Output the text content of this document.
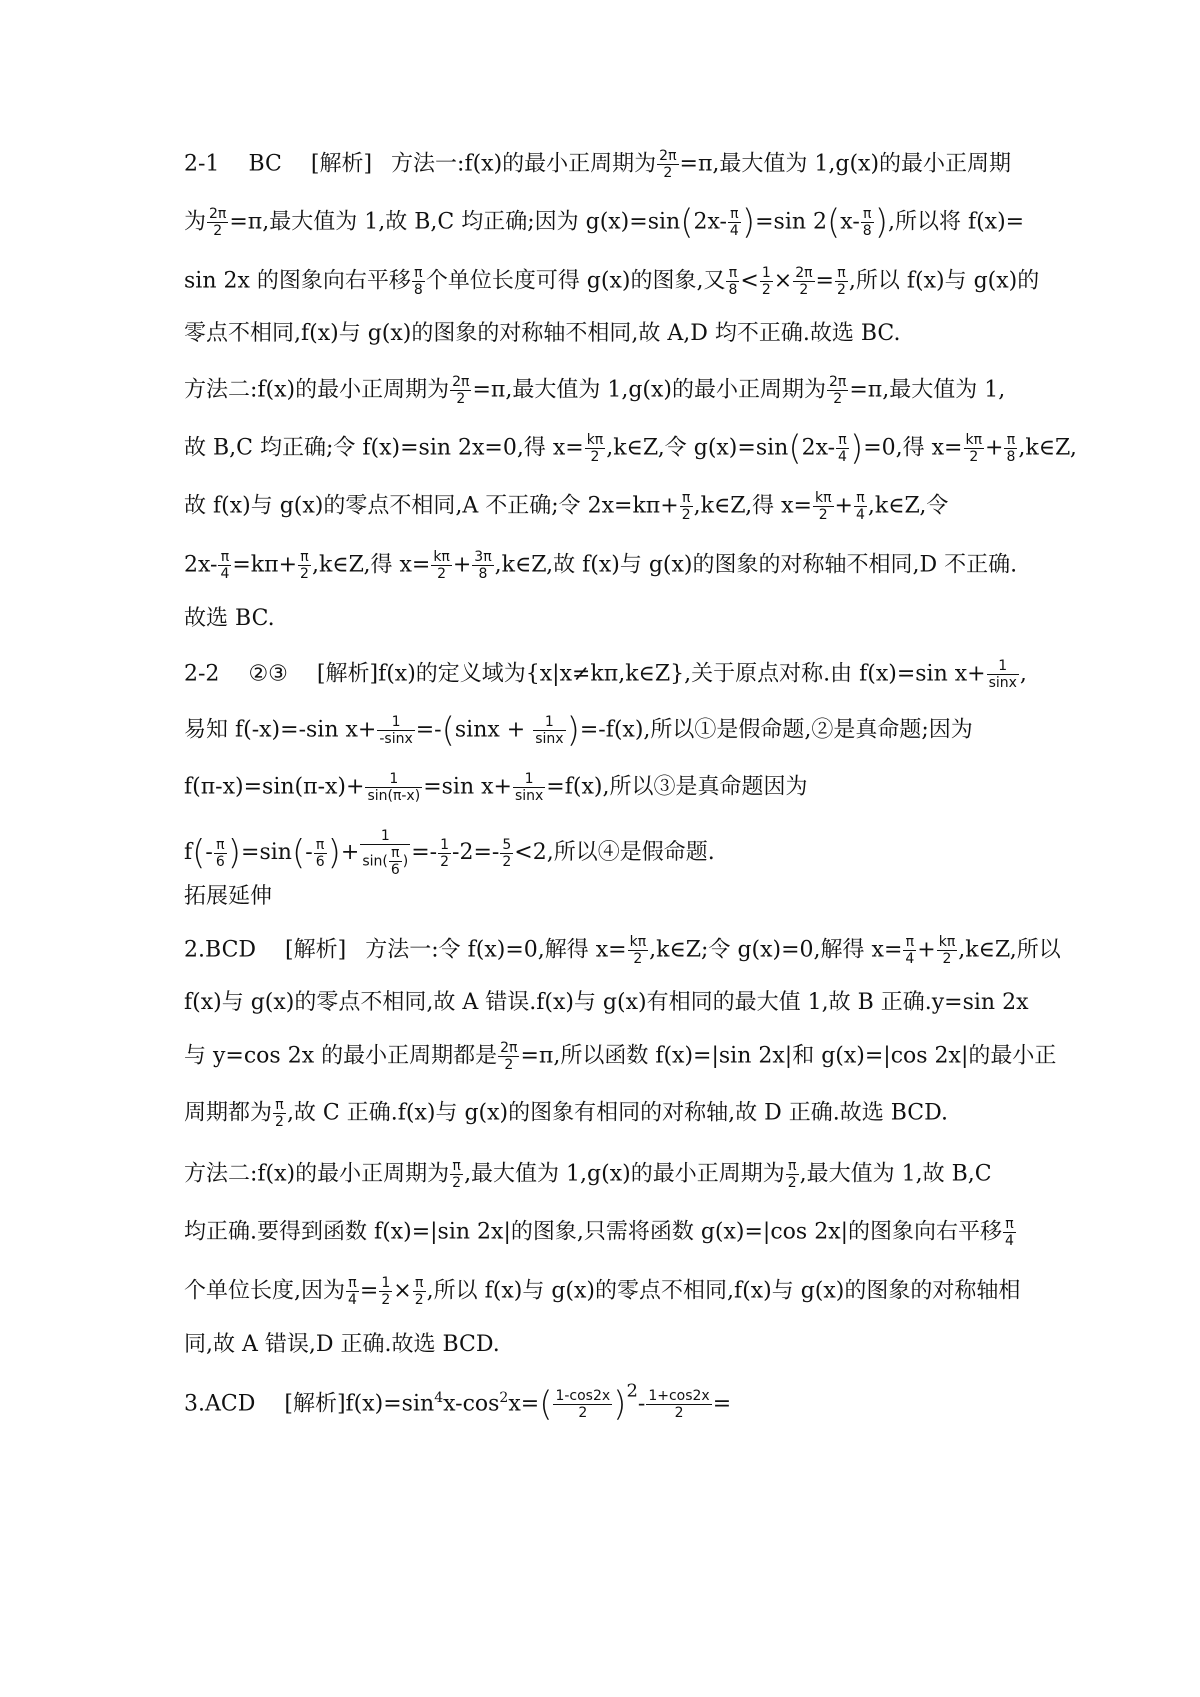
2-1 BC [解析] 方法一:f(x)的最小正周期为 $\frac{2\pi}{2} =\pi$,最大值为 1,g(x)的最小正周期
为 $\frac{2\pi}{2} =\pi$,最大值为 1,故 B,C 均正确;因为 $g(x)=\sin(2x- \frac{\pi}{4} )=\sin$ $2(x- \frac{\pi}{8}$ ),所以将 f(x)=
sin 2x 的图象向右平移 $\frac{\pi}{8}$ 个单位长度可得 g(x)的图象,又 $\frac{\pi}{8} < \frac{1}{2} \times \frac{2\pi}{2} = \frac{\pi}{2}$ ,所以 f(x)与 g(x)的
零点不相同,f(x)与 g(x)的图象的对称轴不相同,故 A,D 均不正确.故选 BC.
方法二:f(x)的最小正周期为 $\frac{2\pi}{2} =\pi$,最大值为 1,g(x)的最小正周期为 $\frac{2\pi}{2} =\pi$,最大值为 1,
故 B,C 均正确;令 f(x)=sin 2x=0,得 $x= \frac{k\pi}{2}$ ,k∈Z,令 $g(x)=\sin(2x- \frac{\pi}{4} )=0$,得 $x= \frac{k\pi}{2} + \frac{\pi}{8}$ ,k∈Z,
故 f(x)与 g(x)的零点不相同,A 不正确;令 $2x=k\pi+ \frac{\pi}{2}$ ,k∈Z,得 $x= \frac{k\pi}{2} + \frac{\pi}{4}$ ,k∈Z,令
$2x- \frac{\pi}{4} =k\pi+ \frac{\pi}{2}$ ,k∈Z,得 $x= \frac{k\pi}{2} + \frac{3\pi}{8}$ ,k∈Z,故 f(x)与 g(x)的图象的对称轴不相同,D 不正确.
故选 BC.
2-2 ②③ [解析]f(x)的定义域为{x|x≠kπ,k∈Z},关于原点对称.由 f(x)=sin $x+ \frac{1}{\sin x}$ ,
易知 f(-x)=-sin $x+ \frac{1}{-\sin x} =-(\sin x + \frac{1}{\sin x} )=-f(x)$,所以①是假命题,②是真命题;因为
$f(\pi-x)=\sin(\pi-x)+ \frac{1}{\sin(\pi-x)} =\sin$ $x+ \frac{1}{\sin x} =f(x)$,所以③是真命题因为
$f(- \frac{\pi}{6} )=\sin(- \frac{\pi}{6}$ )+ $\frac{1}{\sin( \frac{\pi}{6} )} =- \frac{1}{2} -2=- \frac{5}{2} <2$,所以④是假命题.
拓展延伸
2.BCD [解析] 方法一:令 f(x)=0,解得 $x= \frac{k\pi}{2}$ ,k∈Z;令 g(x)=0,解得 $x= \frac{\pi}{4} + \frac{k\pi}{2}$ ,k∈Z,所以
f(x)与 g(x)的零点不相同,故 A 错误.f(x)与 g(x)有相同的最大值 1,故 B 正确.y=sin 2x
与 y=cos 2x 的最小正周期都是 $\frac{2\pi}{2} =\pi$,所以函数 f(x)=|sin 2x|和 g(x)=|cos 2x|的最小正
周期都为 $\frac{\pi}{2}$ ,故 C 正确.f(x)与 g(x)的图象有相同的对称轴,故 D 正确.故选 BCD.
方法二:f(x)的最小正周期为 $\frac{\pi}{2}$ ,最大值为 1,g(x)的最小正周期为 $\frac{\pi}{2}$ ,最大值为 1,故 B,C
均正确.要得到函数 f(x)=|sin 2x|的图象,只需将函数 g(x)=|cos 2x|的图象向右平移 $\frac{\pi}{4}$
个单位长度,因为 $\frac{\pi}{4} = \frac{1}{2} \times \frac{\pi}{2}$ ,所以 f(x)与 g(x)的零点不相同,f(x)与 g(x)的图象的对称轴相
同,故 A 错误,D 正确.故选 BCD.
3.ACD [解析]$f(x)=\sin^4x-\cos^2x=( \frac{1-\cos 2x}{2} )^2- \frac{1+\cos 2x}{2}$ =
